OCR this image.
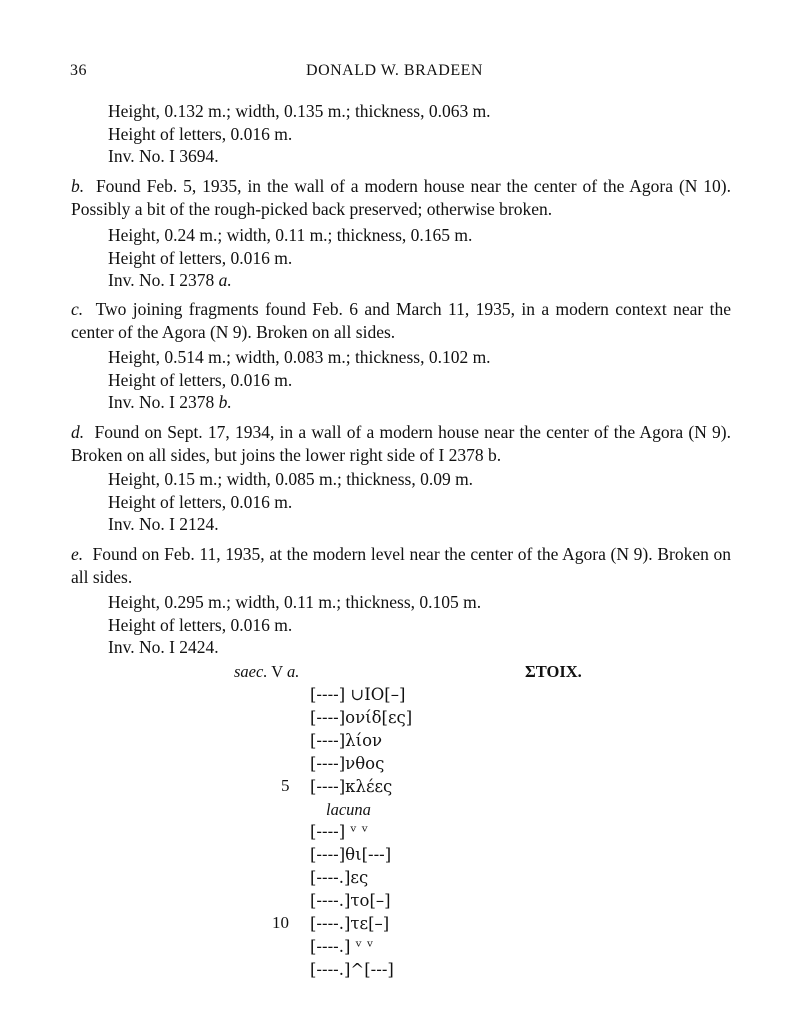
36	DONALD W. BRADEEN
Height, 0.132 m.; width, 0.135 m.; thickness, 0.063 m.
Height of letters, 0.016 m.
Inv. No. I 3694.
b. Found Feb. 5, 1935, in the wall of a modern house near the center of the Agora (N 10). Possibly a bit of the rough-picked back preserved; otherwise broken.
Height, 0.24 m.; width, 0.11 m.; thickness, 0.165 m.
Height of letters, 0.016 m.
Inv. No. I 2378 a.
c. Two joining fragments found Feb. 6 and March 11, 1935, in a modern context near the center of the Agora (N 9). Broken on all sides.
Height, 0.514 m.; width, 0.083 m.; thickness, 0.102 m.
Height of letters, 0.016 m.
Inv. No. I 2378 b.
d. Found on Sept. 17, 1934, in a wall of a modern house near the center of the Agora (N 9). Broken on all sides, but joins the lower right side of I 2378 b.
Height, 0.15 m.; width, 0.085 m.; thickness, 0.09 m.
Height of letters, 0.016 m.
Inv. No. I 2124.
e. Found on Feb. 11, 1935, at the modern level near the center of the Agora (N 9). Broken on all sides.
Height, 0.295 m.; width, 0.11 m.; thickness, 0.105 m.
Height of letters, 0.016 m.
Inv. No. I 2424.
saec. V a.	ΣTOIX.
[----] ∪ΙΟ[–]
[----]ονίδ[ες]
[----]λίον
[----]νθος
5 [----]κλέες
lacuna
[----] ᵛ ᵛ
[----]θι[---]
[----.]ες
[----.]το[–]
10 [----.]τε[–]
[----.] ᵛ ᵛ
[----.]^[---]
